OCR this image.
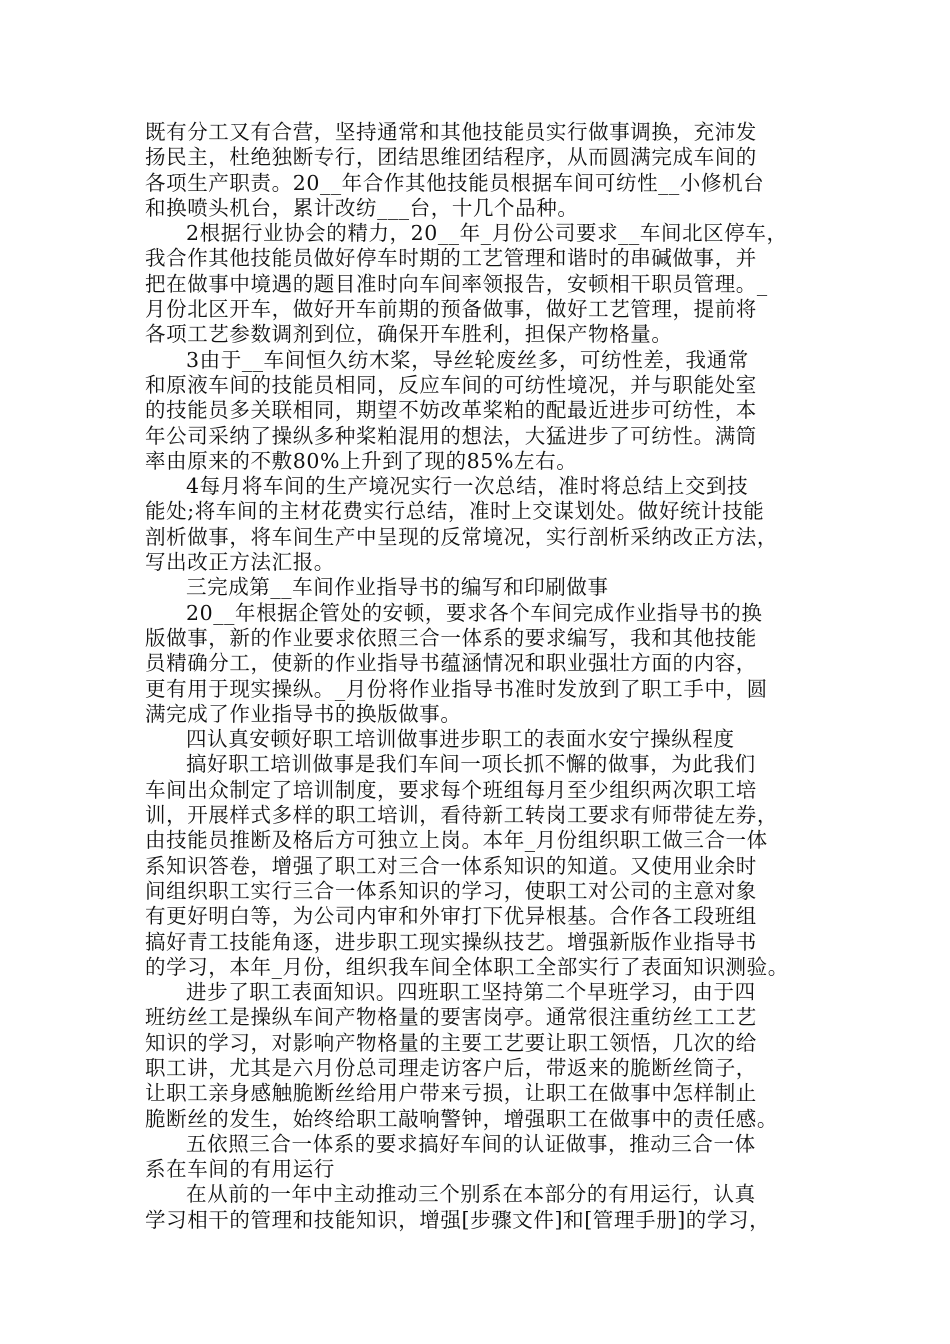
既有分工又有合营，坚持通常和其他技能员实行做事调换，充沛发
扬民主，杜绝独断专行，团结思维团结程序，从而圆满完成车间的
各项生产职责。20__年合作其他技能员根据车间可纺性__小修机台
和换喷头机台，累计改纺___台，十几个品种。
2根据行业协会的精力，20__年_月份公司要求__车间北区停车，
我合作其他技能员做好停车时期的工艺管理和谐时的串碱做事，并
把在做事中境遇的题目准时向车间率领报告，安顿相干职员管理。_
月份北区开车，做好开车前期的预备做事，做好工艺管理，提前将
各项工艺参数调剂到位，确保开车胜利，担保产物格量。
3由于__车间恒久纺木桨，导丝轮废丝多，可纺性差，我通常
和原液车间的技能员相同，反应车间的可纺性境况，并与职能处室
的技能员多关联相同，期望不妨改革桨粕的配最近进步可纺性，本
年公司采纳了操纵多种桨粕混用的想法，大猛进步了可纺性。满筒
率由原来的不敷80%上升到了现的85%左右。
4每月将车间的生产境况实行一次总结，准时将总结上交到技
能处;将车间的主材花费实行总结，准时上交谋划处。做好统计技能
剖析做事，将车间生产中呈现的反常境况，实行剖析采纳改正方法，
写出改正方法汇报。
三完成第__车间作业指导书的编写和印刷做事
20__年根据企管处的安顿，要求各个车间完成作业指导书的换
版做事，新的作业要求依照三合一体系的要求编写，我和其他技能
员精确分工，使新的作业指导书蕴涵情况和职业强壮方面的内容，
更有用于现实操纵。_月份将作业指导书准时发放到了职工手中，圆
满完成了作业指导书的换版做事。
四认真安顿好职工培训做事进步职工的表面水安宁操纵程度
搞好职工培训做事是我们车间一项长抓不懈的做事，为此我们
车间出众制定了培训制度，要求每个班组每月至少组织两次职工培
训，开展样式多样的职工培训，看待新工转岗工要求有师带徒左券，
由技能员推断及格后方可独立上岗。本年_月份组织职工做三合一体
系知识答卷，增强了职工对三合一体系知识的知道。又使用业余时
间组织职工实行三合一体系知识的学习，使职工对公司的主意对象
有更好明白等，为公司内审和外审打下优异根基。合作各工段班组
搞好青工技能角逐，进步职工现实操纵技艺。增强新版作业指导书
的学习，本年_月份，组织我车间全体职工全部实行了表面知识测验。
进步了职工表面知识。四班职工坚持第二个早班学习，由于四
班纺丝工是操纵车间产物格量的要害岗亭。通常很注重纺丝工工艺
知识的学习，对影响产物格量的主要工艺要让职工领悟，几次的给
职工讲，尤其是六月份总司理走访客户后，带返来的脆断丝筒子，
让职工亲身感触脆断丝给用户带来亏损，让职工在做事中怎样制止
脆断丝的发生，始终给职工敲响警钟，增强职工在做事中的责任感。
五依照三合一体系的要求搞好车间的认证做事，推动三合一体
系在车间的有用运行
在从前的一年中主动推动三个别系在本部分的有用运行，认真
学习相干的管理和技能知识，增强[步骤文件]和[管理手册]的学习，
